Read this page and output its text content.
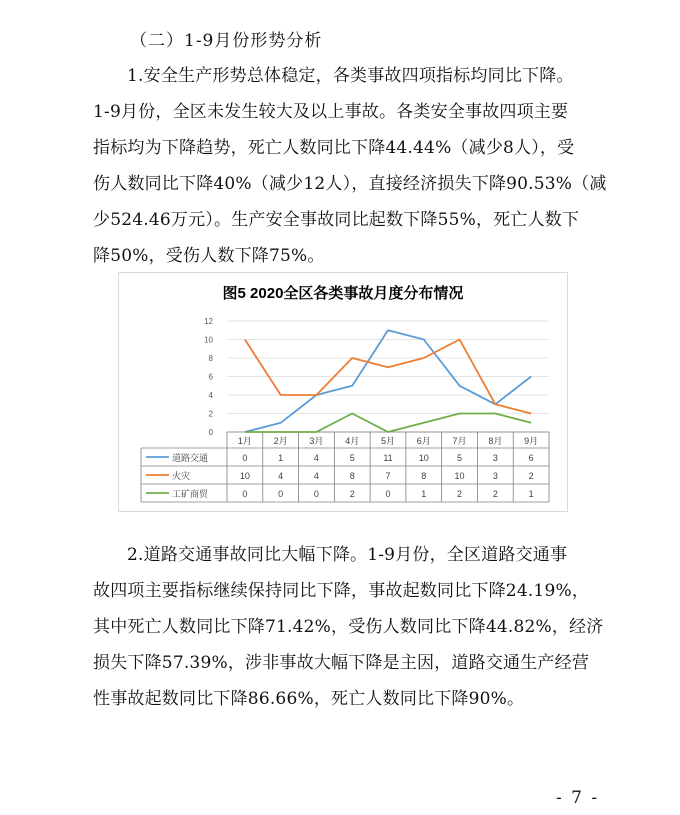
（二）1-9月份形势分析
1.安全生产形势总体稳定，各类事故四项指标均同比下降。
1-9月份，全区未发生较大及以上事故。各类安全事故四项主要
指标均为下降趋势，死亡人数同比下降44.44%（减少8人），受
伤人数同比下降40%（减少12人），直接经济损失下降90.53%（减
少524.46万元）。生产安全事故同比起数下降55%，死亡人数下
降50%，受伤人数下降75%。
图5 2020全区各类事故月度分布情况
0
2
4
6
8
10
12
1月 2月 3月 4月 5月 6月 7月 8月 9月
道路交通	0	1	4	5	11	10	5	3	6
火灾	10	4	4	8	7	8	10	3	2
工矿商贸	0	0	0	2	0	1	2	2	1
2.道路交通事故同比大幅下降。1-9月份，全区道路交通事
故四项主要指标继续保持同比下降，事故起数同比下降24.19%，
其中死亡人数同比下降71.42%，受伤人数同比下降44.82%，经济
损失下降57.39%，涉非事故大幅下降是主因，道路交通生产经营
性事故起数同比下降86.66%，死亡人数同比下降90%。
- 7 -
